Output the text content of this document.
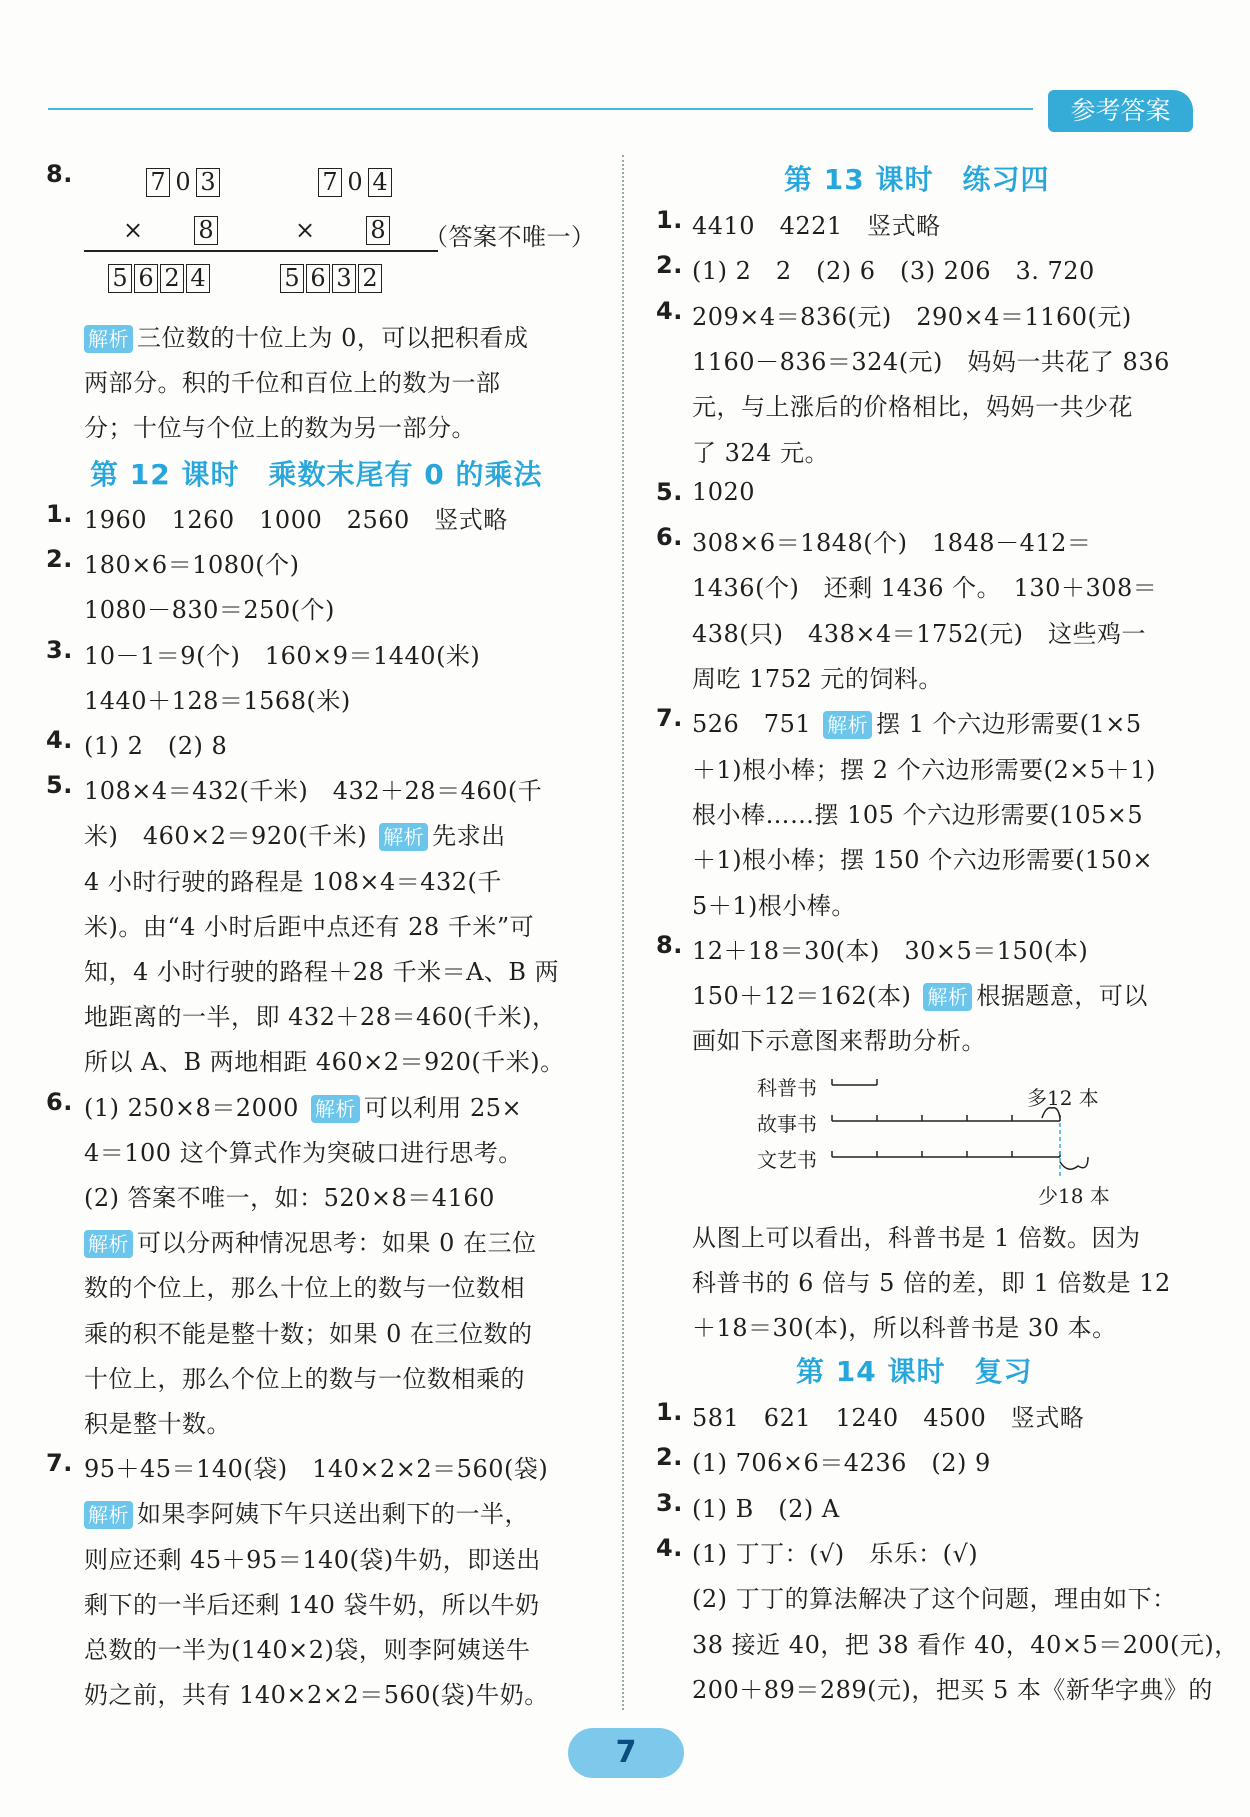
参考答案
8.	7 0 3
× 8
5 6 2 4
7 0 4
× 8
5 6 3 2
（答案不唯一）
解析 三位数的十位上为 0，可以把积看成
两部分。积的千位和百位上的数为一部
分；十位与个位上的数为另一部分。
第 12 课时　乘数末尾有 0 的乘法
1. 1960　1260　1000　2560　竖式略
2. 180×6＝1080(个)
1080－830＝250(个)
3. 10－1＝9(个)　160×9＝1440(米)
1440＋128＝1568(米)
4. (1) 2　(2) 8
5. 108×4＝432(千米)　432＋28＝460(千
米)　460×2＝920(千米) 解析 先求出
4 小时行驶的路程是 108×4＝432(千
米)。由“4 小时后距中点还有 28 千米”可
知，4 小时行驶的路程＋28 千米＝A、B 两
地距离的一半，即 432＋28＝460(千米)，
所以 A、B 两地相距 460×2＝920(千米)。
6. (1) 250×8＝2000 解析 可以利用 25×
4＝100 这个算式作为突破口进行思考。
(2) 答案不唯一，如：520×8＝4160
解析 可以分两种情况思考：如果 0 在三位
数的个位上，那么十位上的数与一位数相
乘的积不能是整十数；如果 0 在三位数的
十位上，那么个位上的数与一位数相乘的
积是整十数。
7. 95＋45＝140(袋)　140×2×2＝560(袋)
解析 如果李阿姨下午只送出剩下的一半，
则应还剩 45＋95＝140(袋)牛奶，即送出
剩下的一半后还剩 140 袋牛奶，所以牛奶
总数的一半为(140×2)袋，则李阿姨送牛
奶之前，共有 140×2×2＝560(袋)牛奶。
第 13 课时　练习四
1. 4410　4221　竖式略
2. (1) 2　2　(2) 6　(3) 206　3. 720
4. 209×4＝836(元)　290×4＝1160(元)
1160－836＝324(元)　妈妈一共花了 836
元，与上涨后的价格相比，妈妈一共少花
了 324 元。
5. 1020
6. 308×6＝1848(个)　1848－412＝
1436(个)　还剩 1436 个。　130＋308＝
438(只)　438×4＝1752(元)　这些鸡一
周吃 1752 元的饲料。
7. 526　751 解析 摆 1 个六边形需要(1×5
＋1)根小棒；摆 2 个六边形需要(2×5＋1)
根小棒……摆 105 个六边形需要(105×5
＋1)根小棒；摆 150 个六边形需要(150×
5＋1)根小棒。
8. 12＋18＝30(本)　30×5＝150(本)
150＋12＝162(本) 解析 根据题意，可以
画如下示意图来帮助分析。
科普书
故事书
文艺书
多12 本
少18 本
从图上可以看出，科普书是 1 倍数。因为
科普书的 6 倍与 5 倍的差，即 1 倍数是 12
＋18＝30(本)，所以科普书是 30 本。
第 14 课时　复习
1. 581　621　1240　4500　竖式略
2. (1) 706×6＝4236　(2) 9
3. (1) B　(2) A
4. (1) 丁丁：(√)　乐乐：(√)
(2) 丁丁的算法解决了这个问题，理由如下：
38 接近 40，把 38 看作 40，40×5＝200(元)，
200＋89＝289(元)，把买 5 本《新华字典》的
7
